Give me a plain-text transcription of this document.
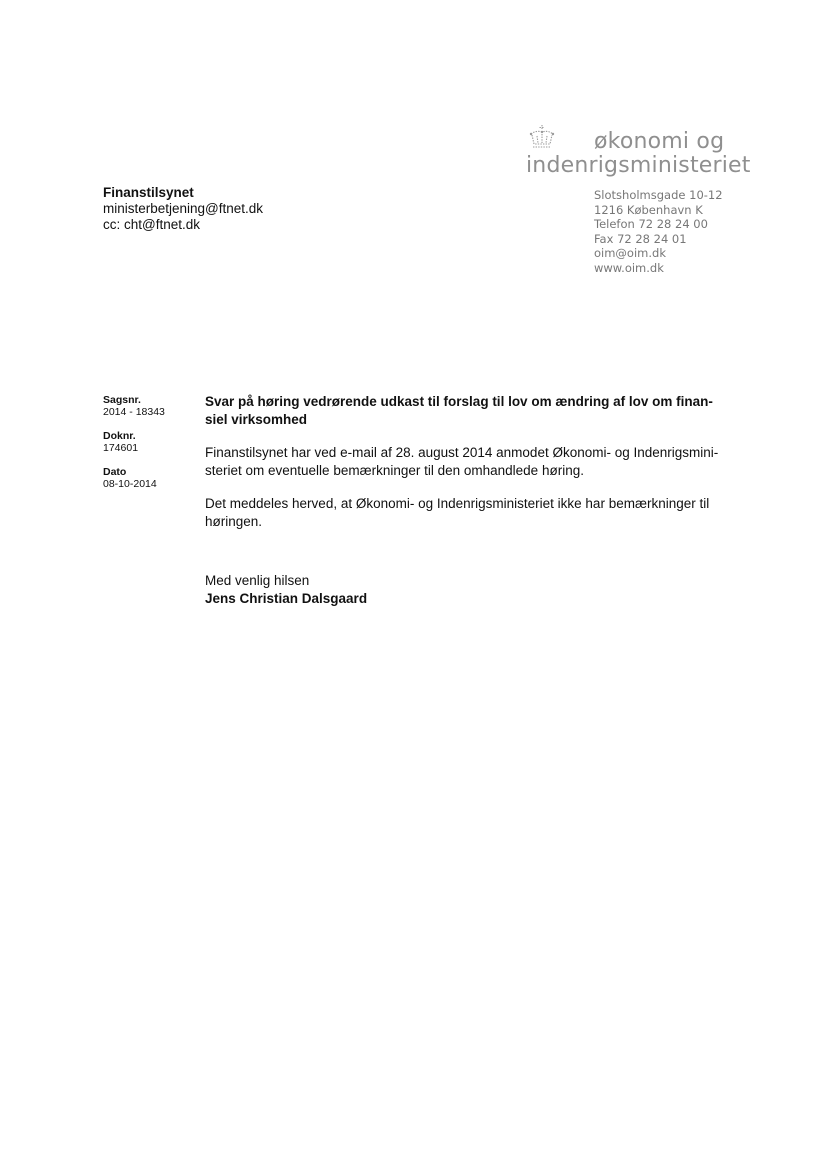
økonomi og
indenrigsministeriet
Finanstilsynet
ministerbetjening@ftnet.dk
cc: cht@ftnet.dk
Slotsholmsgade 10-12
1216 København K
Telefon 72 28 24 00
Fax 72 28 24 01
oim@oim.dk
www.oim.dk
Sagsnr.
2014 - 18343
Doknr.
174601
Dato
08-10-2014
Svar på høring vedrørende udkast til forslag til lov om ændring af lov om finan-
siel virksomhed
Finanstilsynet har ved e-mail af 28. august 2014 anmodet Økonomi- og Indenrigsmini-
steriet om eventuelle bemærkninger til den omhandlede høring.
Det meddeles herved, at Økonomi- og Indenrigsministeriet ikke har bemærkninger til
høringen.
Med venlig hilsen
Jens Christian Dalsgaard
